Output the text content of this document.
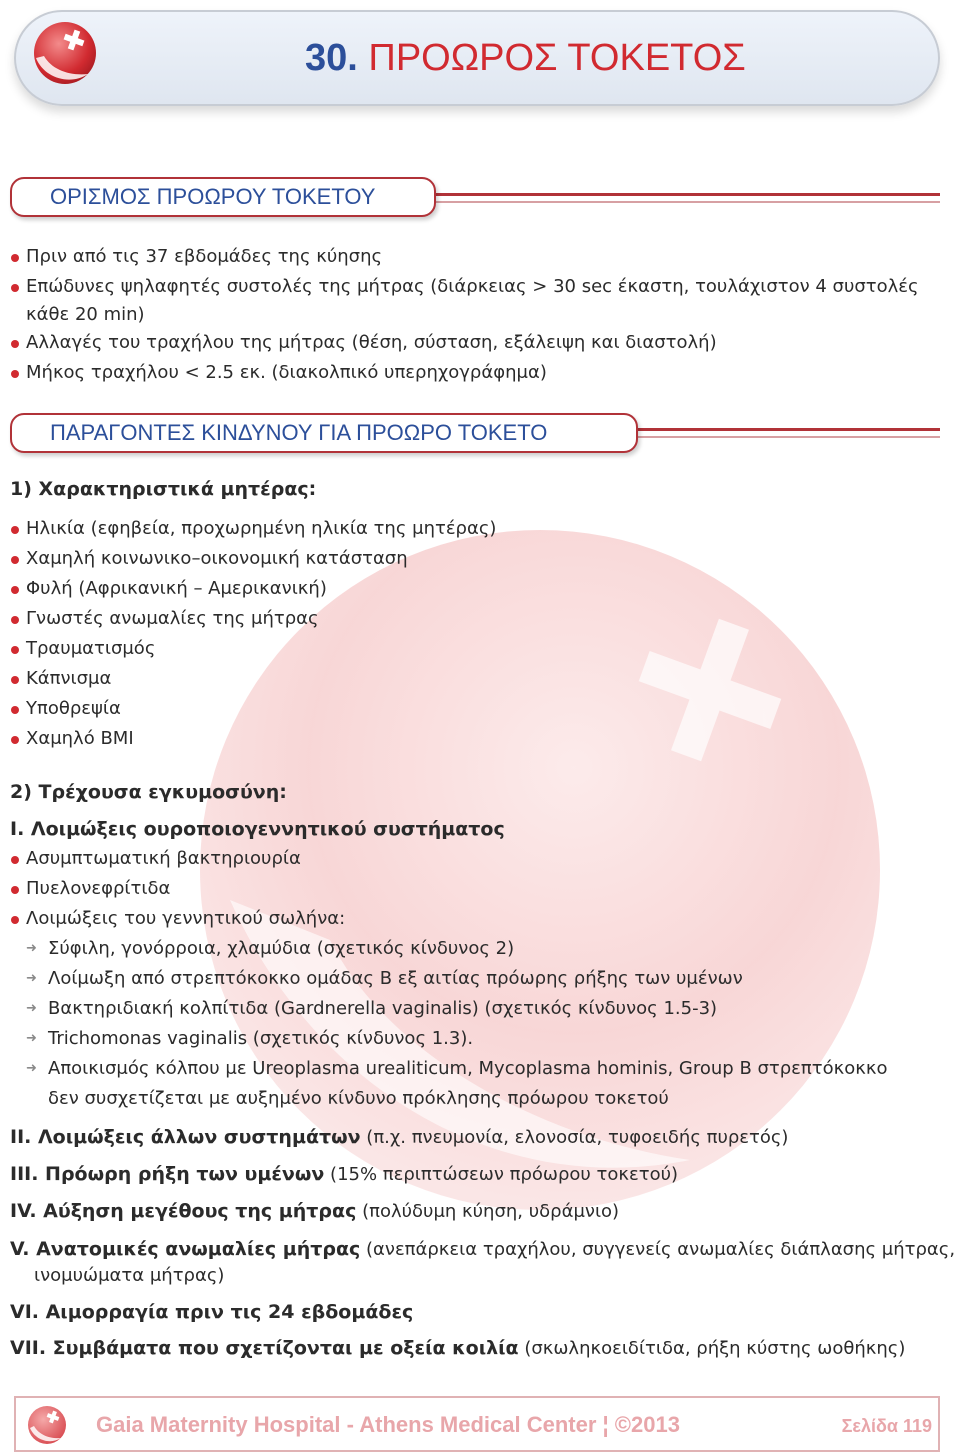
30. ΠΡΟΩΡΟΣ ΤΟΚΕΤΟΣ
ΟΡΙΣΜΟΣ ΠΡΟΩΡΟΥ ΤΟΚΕΤΟΥ
Πριν από τις 37 εβδομάδες της κύησης
Επώδυνες ψηλαφητές συστολές της μήτρας (διάρκειας > 30 sec έκαστη, τουλάχιστον 4 συστολές
κάθε 20 min)
Αλλαγές του τραχήλου της μήτρας (θέση, σύσταση, εξάλειψη και διαστολή)
Μήκος τραχήλου < 2.5 εκ. (διακολπικό υπερηχογράφημα)
ΠΑΡΑΓΟΝΤΕΣ ΚΙΝΔΥΝΟΥ ΓΙΑ ΠΡΟΩΡΟ ΤΟΚΕΤΟ
1) Χαρακτηριστικά μητέρας:
Ηλικία (εφηβεία, προχωρημένη ηλικία της μητέρας)
Χαμηλή κοινωνικο–οικονομική κατάσταση
Φυλή (Αφρικανική – Αμερικανική)
Γνωστές ανωμαλίες της μήτρας
Τραυματισμός
Κάπνισμα
Υποθρεψία
Χαμηλό BMI
2) Τρέχουσα εγκυμοσύνη:
I. Λοιμώξεις ουροποιογεννητικού συστήματος
Ασυμπτωματική βακτηριουρία
Πυελονεφρίτιδα
Λοιμώξεις του γεννητικού σωλήνα:
➜ Σύφιλη, γονόρροια, χλαμύδια (σχετικός κίνδυνος 2)
➜ Λοίμωξη από στρεπτόκοκκο ομάδας Β εξ αιτίας πρόωρης ρήξης των υμένων
➜ Βακτηριδιακή κολπίτιδα (Gardnerella vaginalis) (σχετικός κίνδυνος 1.5-3)
➜ Trichomonas vaginalis (σχετικός κίνδυνος 1.3).
➜ Αποικισμός κόλπου με Ureoplasma urealiticum, Mycoplasma hominis, Group B στρεπτόκοκκο
δεν συσχετίζεται με αυξημένο κίνδυνο πρόκλησης πρόωρου τοκετού
II. Λοιμώξεις άλλων συστημάτων (π.χ. πνευμονία, ελονοσία, τυφοειδής πυρετός)
III. Πρόωρη ρήξη των υμένων (15% περιπτώσεων πρόωρου τοκετού)
IV. Αύξηση μεγέθους της μήτρας (πολύδυμη κύηση, υδράμνιο)
V. Ανατομικές ανωμαλίες μήτρας (ανεπάρκεια τραχήλου, συγγενείς ανωμαλίες διάπλασης μήτρας,
ινομυώματα μήτρας)
VI. Αιμορραγία πριν τις 24 εβδομάδες
VII. Συμβάματα που σχετίζονται με οξεία κοιλία (σκωληκοειδίτιδα, ρήξη κύστης ωοθήκης)
Gaia Maternity Hospital - Athens Medical Center ¦ ©2013	Σελίδα 119
